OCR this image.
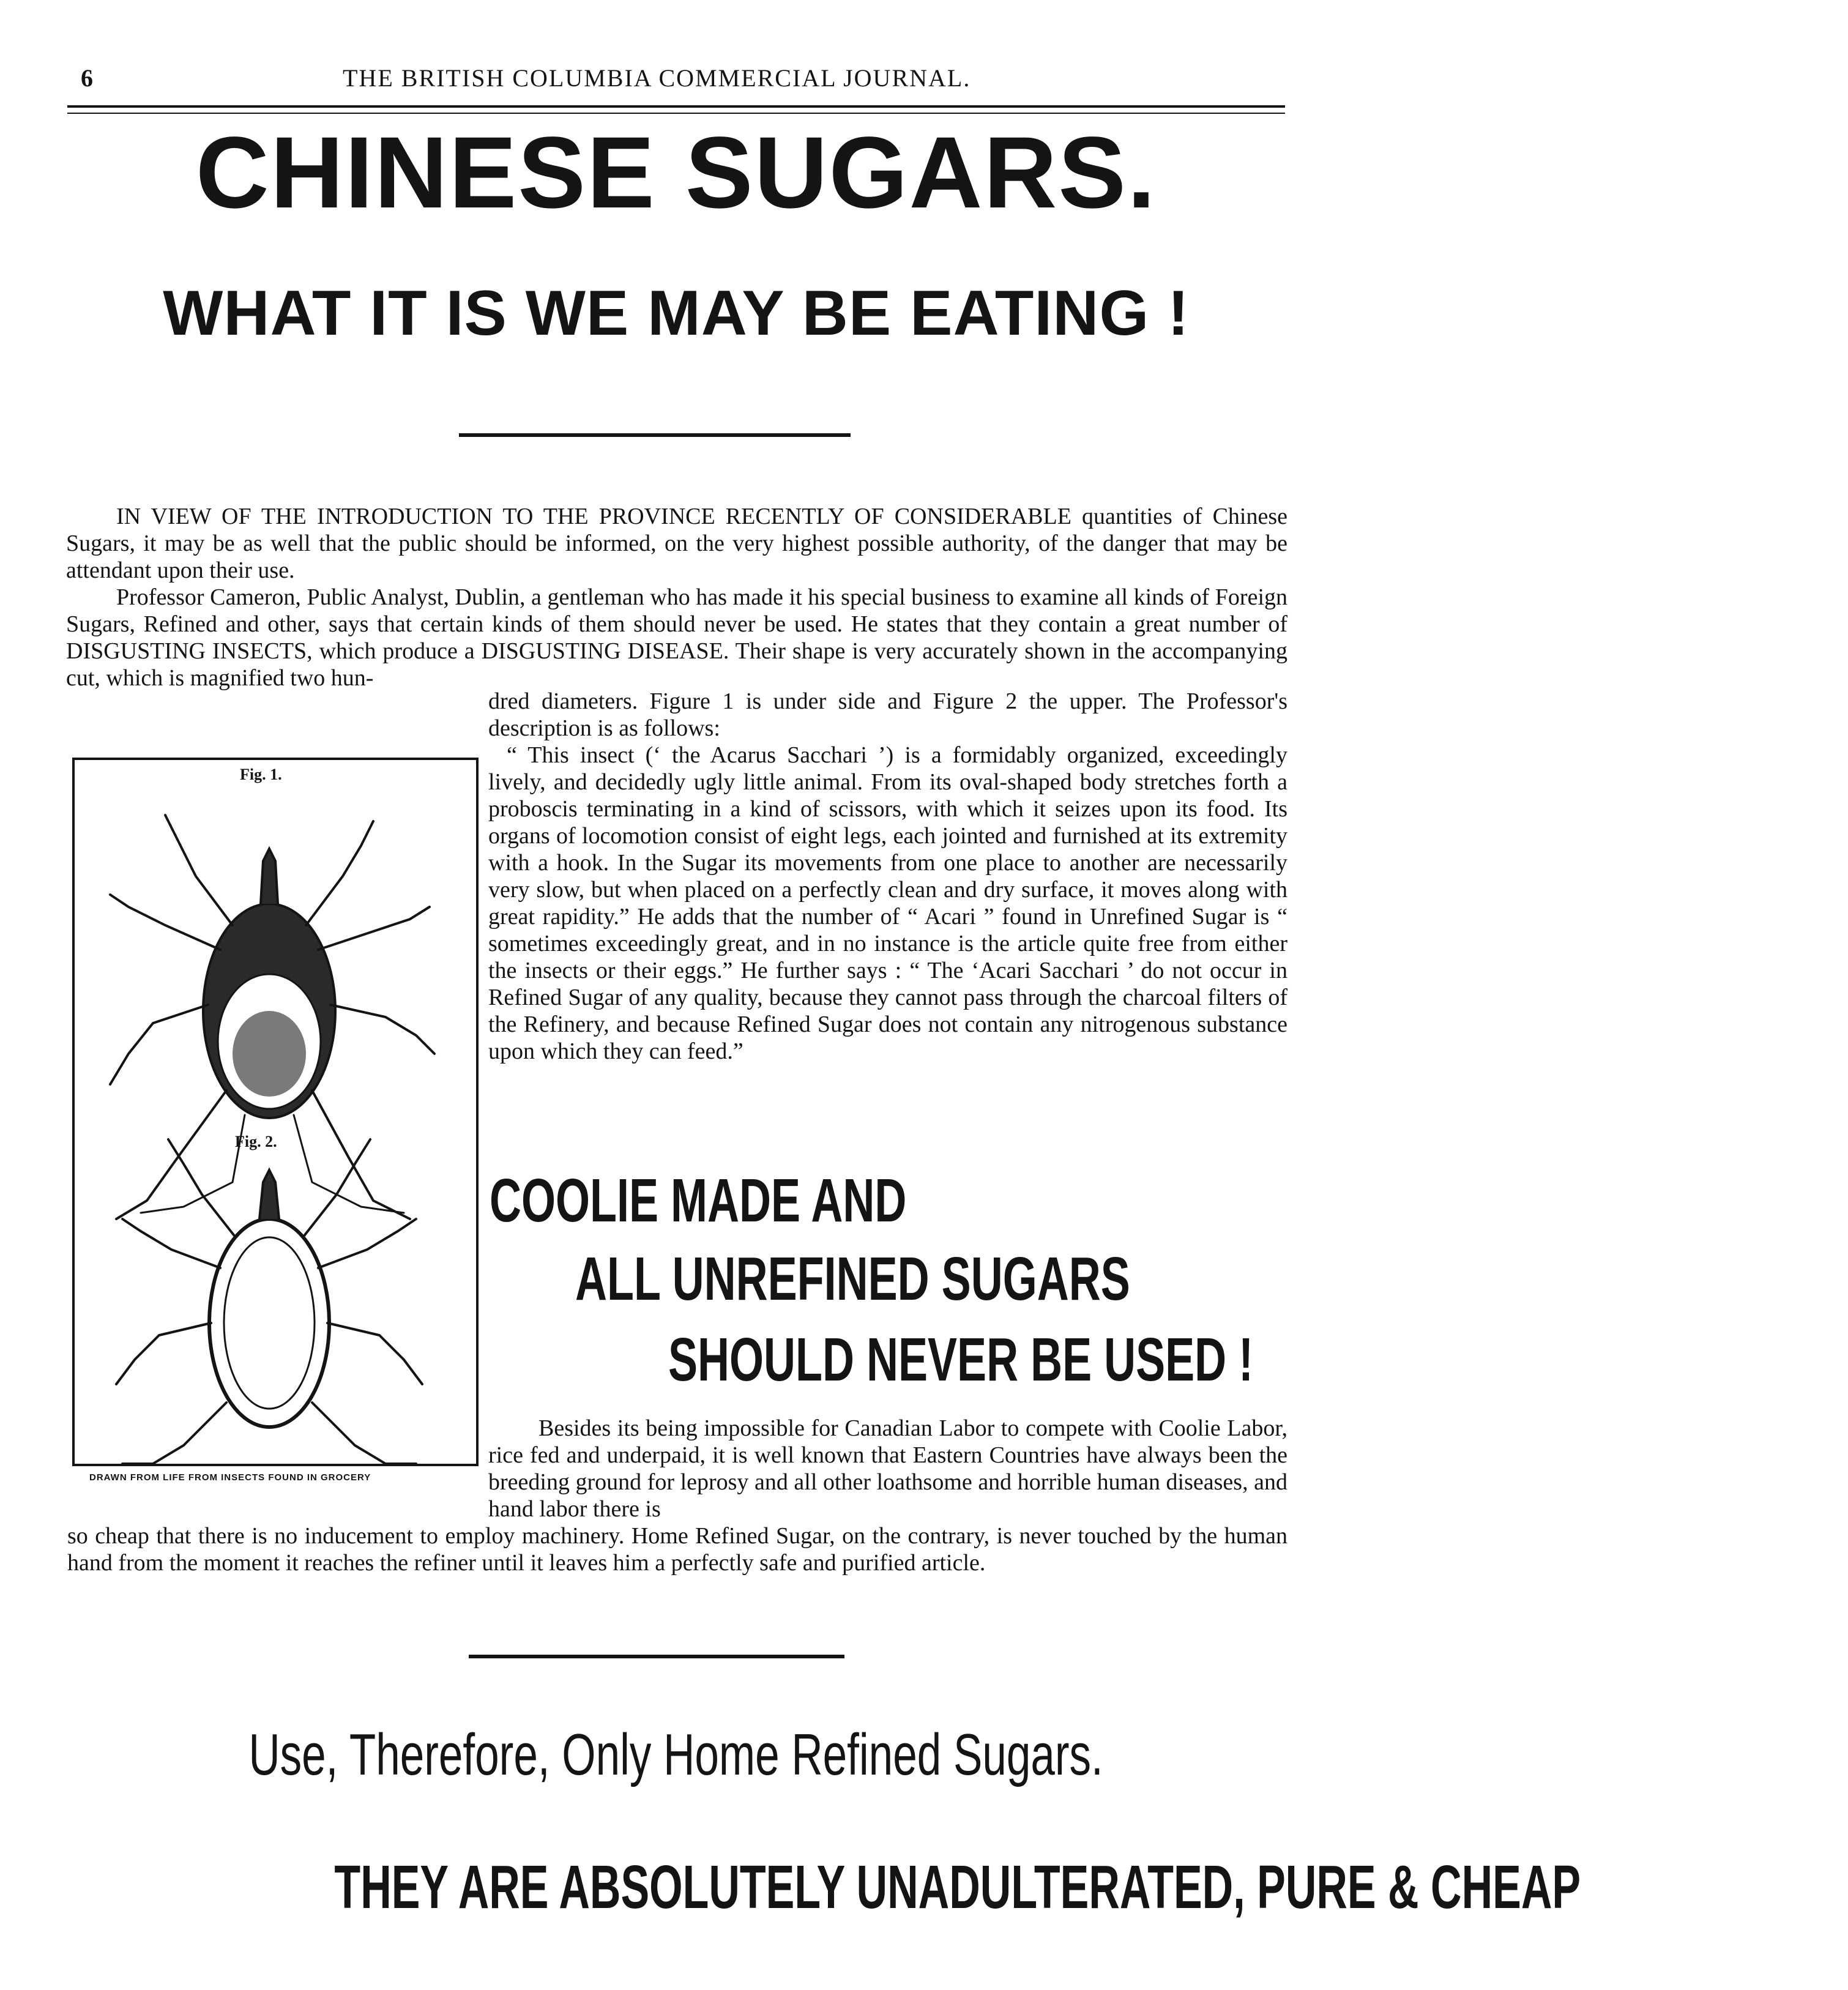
6	THE BRITISH COLUMBIA COMMERCIAL JOURNAL.
CHINESE SUGARS.
WHAT IT IS WE MAY BE EATING !

IN VIEW OF THE INTRODUCTION TO THE PROVINCE RECENTLY OF CONSIDERABLE quantities of Chinese Sugars, it may be as well that the public should be informed, on the very highest possible authority, of the danger that may be attendant upon their use.

Professor Cameron, Public Analyst, Dublin, a gentleman who has made it his special business to examine all kinds of Foreign Sugars, Refined and other, says that certain kinds of them should never be used. He states that they contain a great number of DISGUSTING INSECTS, which produce a DISGUSTING DISEASE. Their shape is very accurately shown in the accompanying cut, which is magnified two hun-

dred diameters. Figure 1 is under side and Figure 2 the upper. The Professor's description is as follows:

“ This insect (‘ the Acarus Sacchari ’) is a formidably organized, exceedingly lively, and decidedly ugly little animal. From its oval-shaped body stretches forth a proboscis terminating in a kind of scissors, with which it seizes upon its food. Its organs of locomotion consist of eight legs, each jointed and furnished at its extremity with a hook. In the Sugar its movements from one place to another are necessarily very slow, but when placed on a perfectly clean and dry surface, it moves along with great rapidity.” He adds that the number of “ Acari ” found in Unrefined Sugar is “ sometimes exceedingly great, and in no instance is the article quite free from either the insects or their eggs.” He further says : “ The ‘Acari Sacchari ’ do not occur in Refined Sugar of any quality, because they cannot pass through the charcoal filters of the Refinery, and because Refined Sugar does not contain any nitrogenous substance upon which they can feed.”

Fig. 1.
Fig. 2.
DRAWN FROM LIFE FROM INSECTS FOUND IN GROCERY
COOLIE MADE AND
ALL UNREFINED SUGARS
SHOULD NEVER BE USED !

Besides its being impossible for Canadian Labor to compete with Coolie Labor, rice fed and underpaid, it is well known that Eastern Countries have always been the breeding ground for leprosy and all other loathsome and horrible human diseases, and hand labor there is

so cheap that there is no inducement to employ machinery. Home Refined Sugar, on the contrary, is never touched by the human hand from the moment it reaches the refiner until it leaves him a perfectly safe and purified article.

Use, Therefore, Only Home Refined Sugars.
THEY ARE ABSOLUTELY UNADULTERATED, PURE & CHEAP
